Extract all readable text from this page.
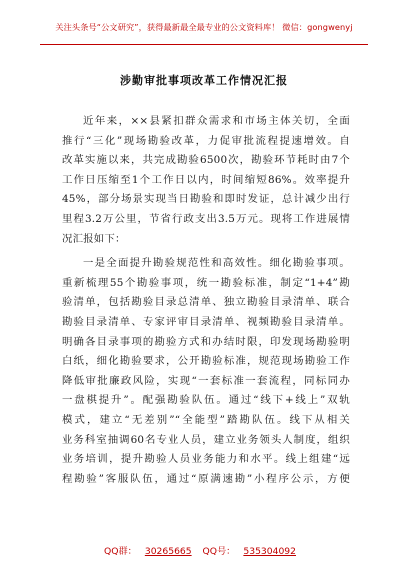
关注头条号“公文研究”，获得最新最全最专业的公文资料库！ 微信：gongwenyj
涉勤审批事项改革工作情况汇报
近年来，××县紧扣群众需求和市场主体关切，全面
推行“三化”现场勘验改革，力促审批流程提速增效。自
改革实施以来，共完成勘验6500次，勘验环节耗时由7个
工作日压缩至1个工作日以内，时间缩短86%。效率提升
45%，部分场景实现当日勘验和即时发证，总计减少出行
里程3.2万公里，节省行政支出3.5万元。现将工作进展情
况汇报如下：
一是全面提升勘验规范性和高效性。细化勘验事项。
重新梳理55个勘验事项，统一勘验标准，制定“1+4”勘
验清单，包括勘验目录总清单、独立勘验目录清单、联合
勘验目录清单、专家评审目录清单、视频勘验目录清单。
明确各目录事项的勘验方式和办结时限，印发现场勘验明
白纸，细化勘验要求，公开勘验标准，规范现场勘验工作
降低审批廉政风险，实现“一套标准一套流程，同标同办
一盘棋提升”。配强勘验队伍。通过“线下+线上”双轨
模式，建立“无差别”“全能型”踏勘队伍。线下从相关
业务科室抽调60名专业人员，建立业务领头人制度，组织
业务培训，提升勘验人员业务能力和水平。线上组建“远
程勘验”客服队伍，通过“原满速勘”小程序公示，方便
QQ群： 30265665 QQ号： 535304092
